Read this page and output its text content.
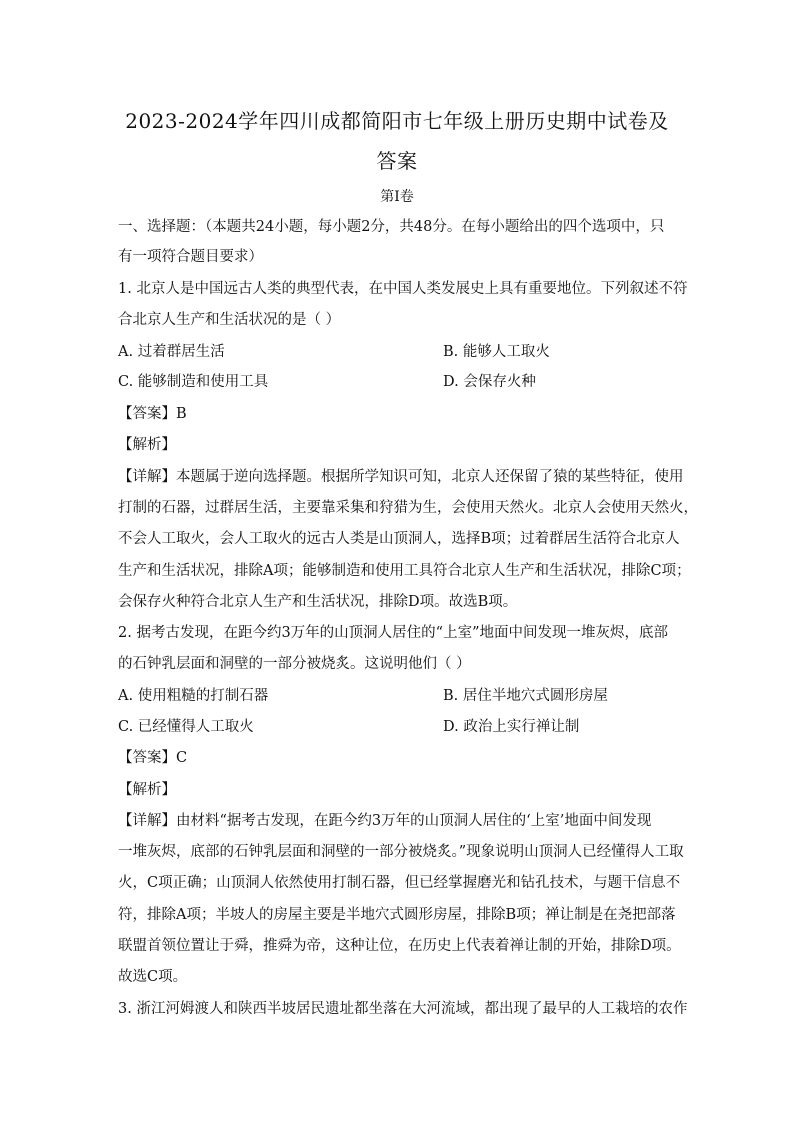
2023-2024学年四川成都简阳市七年级上册历史期中试卷及
答案
第Ⅰ卷
一、选择题：（本题共24小题，每小题2分，共48分。在每小题给出的四个选项中，只
有一项符合题目要求）
1. 北京人是中国远古人类的典型代表，在中国人类发展史上具有重要地位。下列叙述不符
合北京人生产和生活状况的是（ ）
A. 过着群居生活	B. 能够人工取火
C. 能够制造和使用工具	D. 会保存火种
【答案】B
【解析】
【详解】本题属于逆向选择题。根据所学知识可知，北京人还保留了猿的某些特征，使用
打制的石器，过群居生活，主要靠采集和狩猎为生，会使用天然火。北京人会使用天然火，
不会人工取火，会人工取火的远古人类是山顶洞人，选择B项；过着群居生活符合北京人
生产和生活状况，排除A项；能够制造和使用工具符合北京人生产和生活状况，排除C项；
会保存火种符合北京人生产和生活状况，排除D项。故选B项。
2. 据考古发现，在距今约3万年的山顶洞人居住的“上室”地面中间发现一堆灰烬，底部
的石钟乳层面和洞壁的一部分被烧炙。这说明他们（ ）
A. 使用粗糙的打制石器	B. 居住半地穴式圆形房屋
C. 已经懂得人工取火	D. 政治上实行禅让制
【答案】C
【解析】
【详解】由材料“据考古发现，在距今约3万年的山顶洞人居住的‘上室’地面中间发现
一堆灰烬，底部的石钟乳层面和洞壁的一部分被烧炙。”现象说明山顶洞人已经懂得人工取
火，C项正确；山顶洞人依然使用打制石器，但已经掌握磨光和钻孔技术，与题干信息不
符，排除A项；半坡人的房屋主要是半地穴式圆形房屋，排除B项；禅让制是在尧把部落
联盟首领位置让于舜，推舜为帝，这种让位，在历史上代表着禅让制的开始，排除D项。
故选C项。
3. 浙江河姆渡人和陕西半坡居民遗址都坐落在大河流域，都出现了最早的人工栽培的农作
